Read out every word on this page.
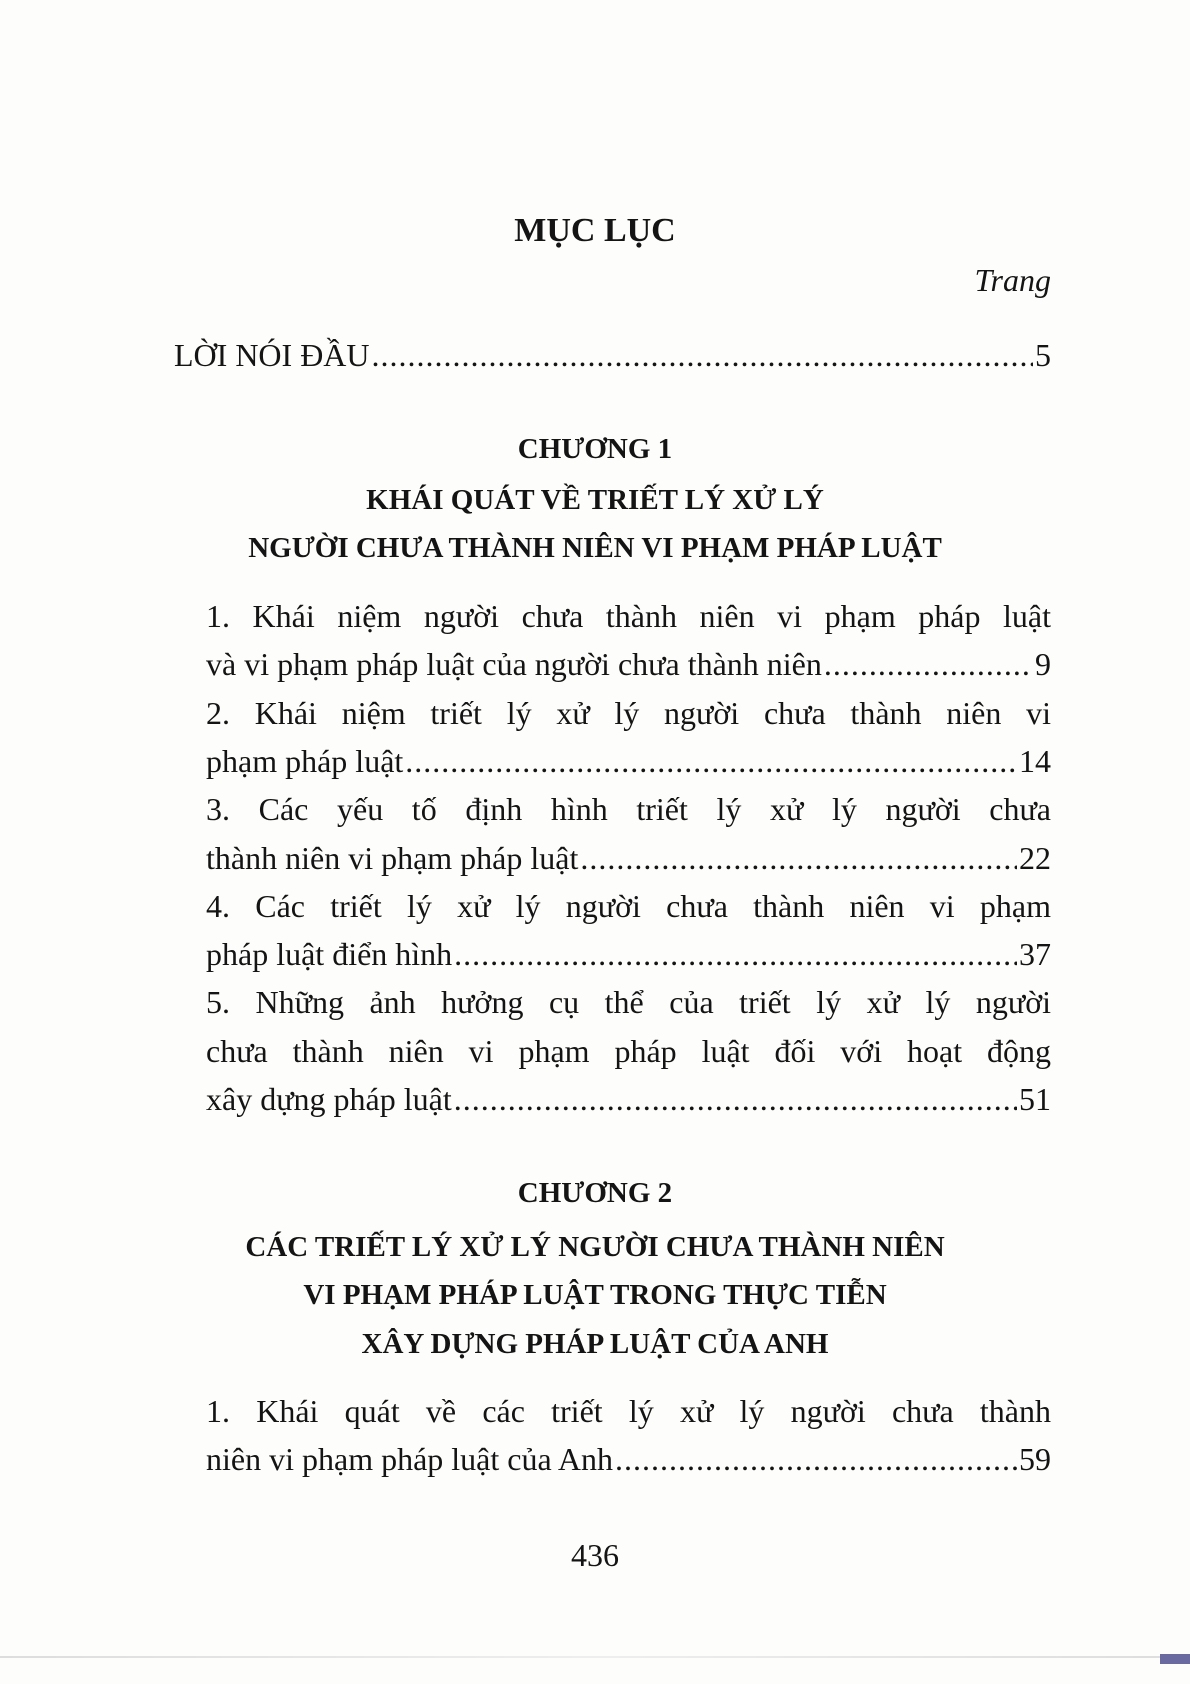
MỤC LỤC
Trang
LỜI NÓI ĐẦU .....	5
CHƯƠNG 1
KHÁI QUÁT VỀ TRIẾT LÝ XỬ LÝ
NGƯỜI CHƯA THÀNH NIÊN VI PHẠM PHÁP LUẬT
1. Khái niệm người chưa thành niên vi phạm pháp luật
và vi phạm pháp luật của người chưa thành niên .....	9
2. Khái niệm triết lý xử lý người chưa thành niên vi
phạm pháp luật .....	14
3. Các yếu tố định hình triết lý xử lý người chưa
thành niên vi phạm pháp luật .....	22
4. Các triết lý xử lý người chưa thành niên vi phạm
pháp luật điển hình .....	37
5. Những ảnh hưởng cụ thể của triết lý xử lý người
chưa thành niên vi phạm pháp luật đối với hoạt động
xây dựng pháp luật .....	51
CHƯƠNG 2
CÁC TRIẾT LÝ XỬ LÝ NGƯỜI CHƯA THÀNH NIÊN
VI PHẠM PHÁP LUẬT TRONG THỰC TIỄN
XÂY DỰNG PHÁP LUẬT CỦA ANH
1. Khái quát về các triết lý xử lý người chưa thành
niên vi phạm pháp luật của Anh .....	59
436
